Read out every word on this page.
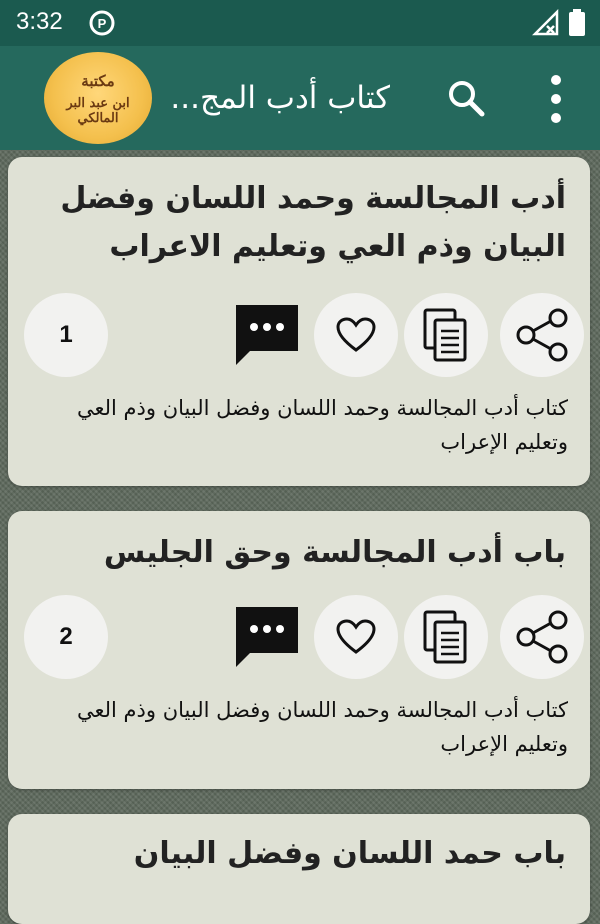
3:32	P
كتاب أدب المج...
مكتبة
ابن عبد البر المالكي
أدب المجالسة وحمد اللسان وفضل البيان وذم العي وتعليم الاعراب
1
كتاب أدب المجالسة وحمد اللسان وفضل البيان وذم العي وتعليم الإعراب
باب أدب المجالسة وحق الجليس
2
كتاب أدب المجالسة وحمد اللسان وفضل البيان وذم العي وتعليم الإعراب
باب حمد اللسان وفضل البيان
